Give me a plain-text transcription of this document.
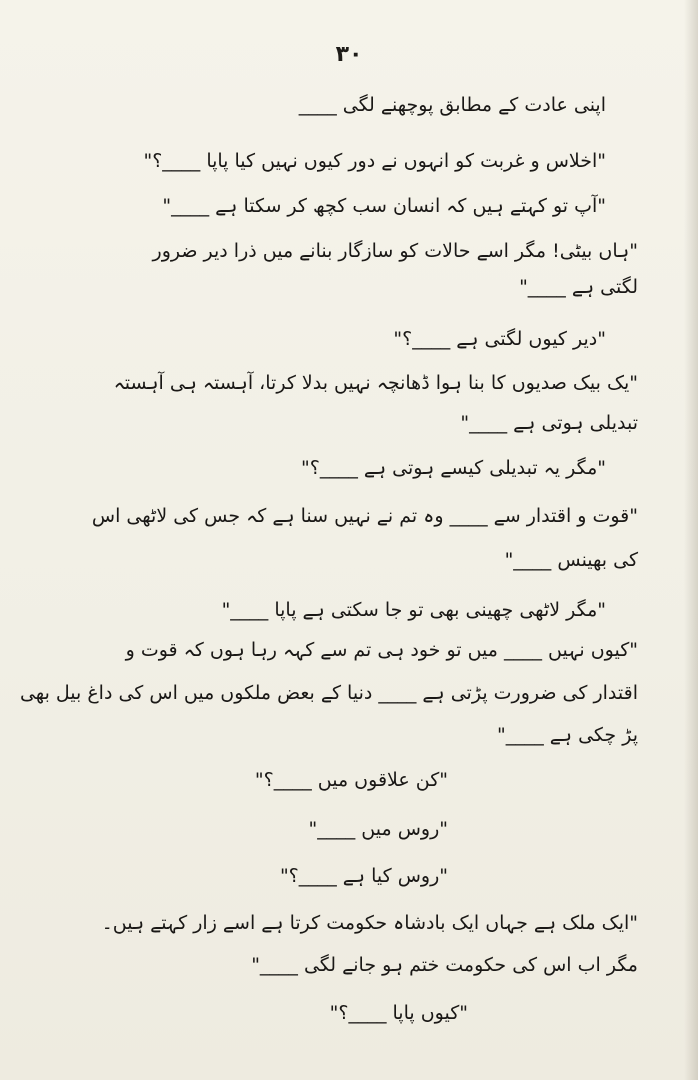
۳۰
اپنی عادت کے مطابق پوچھنے لگی ____
"اخلاس و غربت کو انہوں نے دور کیوں نہیں کیا پاپا ____؟"
"آپ تو کہتے ہیں کہ انسان سب کچھ کر سکتا ہے ____"
"ہاں بیٹی! مگر اسے حالات کو سازگار بنانے میں ذرا دیر ضرور
لگتی ہے ____"
"دیر کیوں لگتی ہے ____؟"
"یک بیک صدیوں کا بنا ہوا ڈھانچہ نہیں بدلا کرتا، آہستہ ہی آہستہ
تبدیلی ہوتی ہے ____"
"مگر یہ تبدیلی کیسے ہوتی ہے ____؟"
"قوت و اقتدار سے ____ وہ تم نے نہیں سنا ہے کہ جس کی لاٹھی اس
کی بھینس ____"
"مگر لاٹھی چھینی بھی تو جا سکتی ہے پاپا ____"
"کیوں نہیں ____ میں تو خود ہی تم سے کہہ رہا ہوں کہ قوت و
اقتدار کی ضرورت پڑتی ہے ____ دنیا کے بعض ملکوں میں اس کی داغ بیل بھی
پڑ چکی ہے ____"
"کن علاقوں میں ____؟"
"روس میں ____"
"روس کیا ہے ____؟"
"ایک ملک ہے جہاں ایک بادشاہ حکومت کرتا ہے اسے زار کہتے ہیں۔
مگر اب اس کی حکومت ختم ہو جانے لگی ____"
"کیوں پاپا ____؟"
